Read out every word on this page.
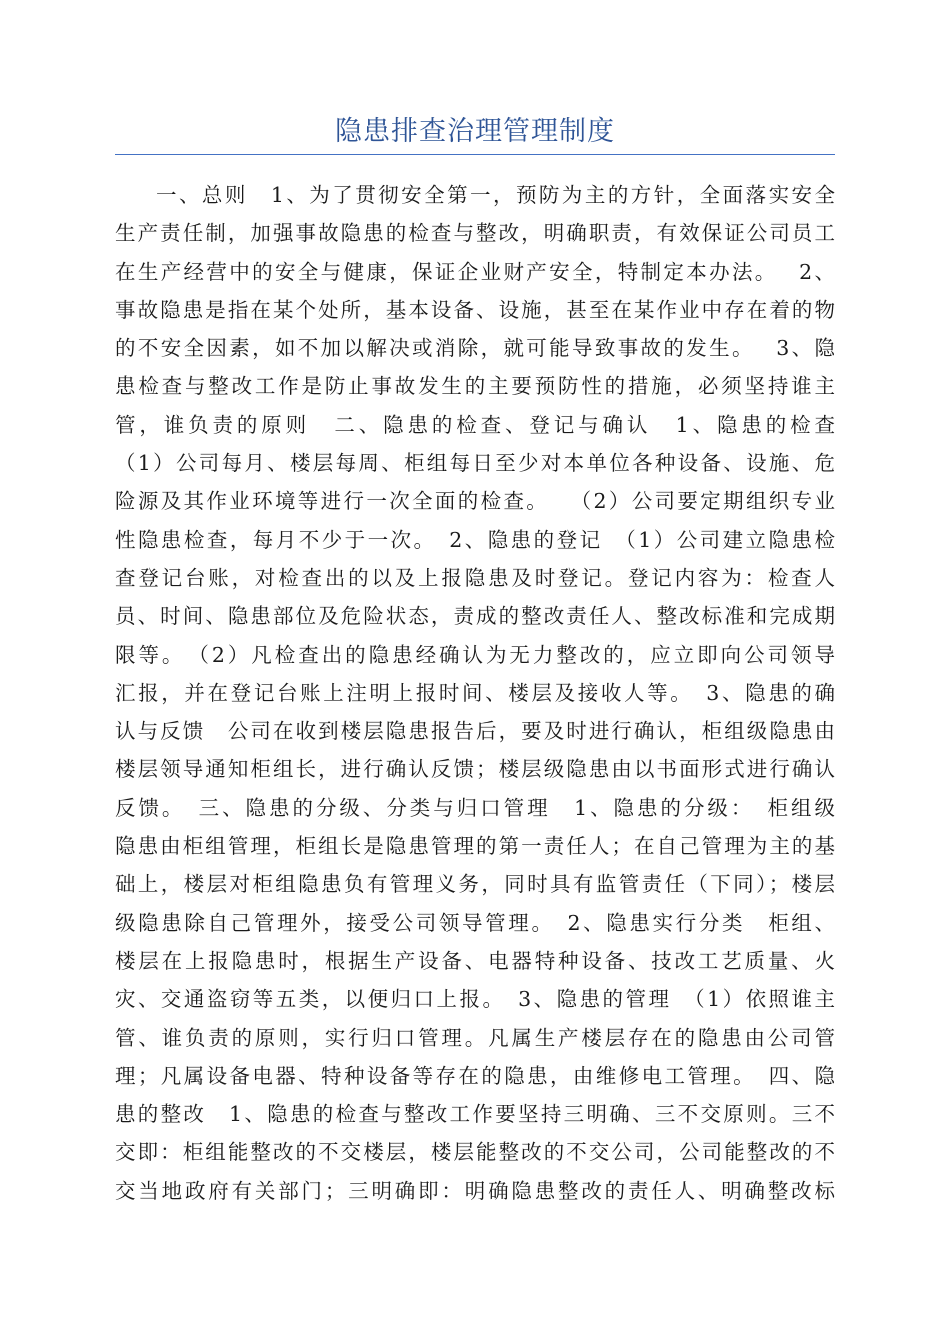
隐患排查治理管理制度
一、总则　1、为了贯彻安全第一，预防为主的方针，全面落实安全
生产责任制，加强事故隐患的检查与整改，明确职责，有效保证公司员工
在生产经营中的安全与健康，保证企业财产安全，特制定本办法。　 2、
事故隐患是指在某个处所，基本设备、设施，甚至在某作业中存在着的物
的不安全因素，如不加以解决或消除，就可能导致事故的发生。　 3、隐
患检查与整改工作是防止事故发生的主要预防性的措施，必须坚持谁主
管，谁负责的原则　二、隐患的检查、登记与确认　1、隐患的检查
（1）公司每月、楼层每周、柜组每日至少对本单位各种设备、设施、危
险源及其作业环境等进行一次全面的检查。　 （2）公司要定期组织专业
性隐患检查，每月不少于一次。　2、隐患的登记　（1）公司建立隐患检
查登记台账，对检查出的以及上报隐患及时登记。登记内容为：检查人
员、时间、隐患部位及危险状态，责成的整改责任人、整改标准和完成期
限等。　（2）凡检查出的隐患经确认为无力整改的，应立即向公司领导
汇报，并在登记台账上注明上报时间、楼层及接收人等。　3、隐患的确
认与反馈　公司在收到楼层隐患报告后，要及时进行确认，柜组级隐患由
楼层领导通知柜组长，进行确认反馈；楼层级隐患由以书面形式进行确认
反馈。　三、隐患的分级、分类与归口管理　1、隐患的分级：　柜组级
隐患由柜组管理，柜组长是隐患管理的第一责任人；在自己管理为主的基
础上，楼层对柜组隐患负有管理义务，同时具有监管责任（下同）；楼层
级隐患除自己管理外，接受公司领导管理。　2、隐患实行分类　柜组、
楼层在上报隐患时，根据生产设备、电器特种设备、技改工艺质量、火
灾、交通盗窃等五类，以便归口上报。　3、隐患的管理　（1）依照谁主
管、谁负责的原则，实行归口管理。凡属生产楼层存在的隐患由公司管
理；凡属设备电器、特种设备等存在的隐患，由维修电工管理。　四、隐
患的整改　1、隐患的检查与整改工作要坚持三明确、三不交原则。三不
交即：柜组能整改的不交楼层，楼层能整改的不交公司，公司能整改的不
交当地政府有关部门；三明确即：明确隐患整改的责任人、明确整改标
